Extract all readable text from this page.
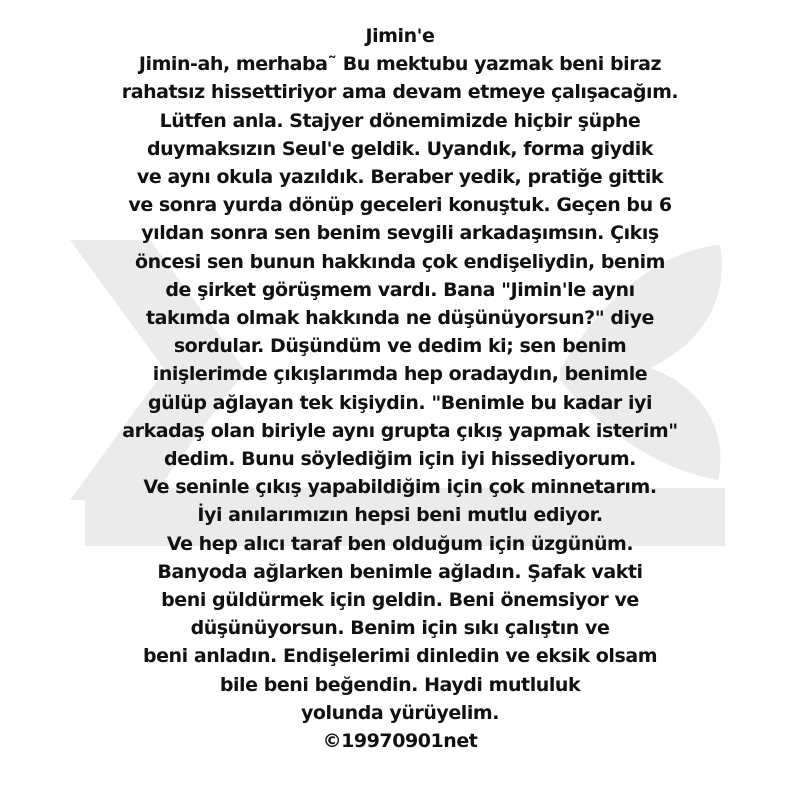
Jimin'e
Jimin-ah, merhaba˜ Bu mektubu yazmak beni biraz
rahatsız hissettiriyor ama devam etmeye çalışacağım.
Lütfen anla. Stajyer dönemimizde hiçbir şüphe
duymaksızın Seul'e geldik. Uyandık, forma giydik
ve aynı okula yazıldık. Beraber yedik, pratiğe gittik
ve sonra yurda dönüp geceleri konuştuk. Geçen bu 6
yıldan sonra sen benim sevgili arkadaşımsın. Çıkış
öncesi sen bunun hakkında çok endişeliydin, benim
de şirket görüşmem vardı. Bana "Jimin'le aynı
takımda olmak hakkında ne düşünüyorsun?" diye
sordular. Düşündüm ve dedim ki; sen benim
inişlerimde çıkışlarımda hep oradaydın, benimle
gülüp ağlayan tek kişiydin. "Benimle bu kadar iyi
arkadaş olan biriyle aynı grupta çıkış yapmak isterim"
dedim. Bunu söylediğim için iyi hissediyorum.
Ve seninle çıkış yapabildiğim için çok minnetarım.
İyi anılarımızın hepsi beni mutlu ediyor.
Ve hep alıcı taraf ben olduğum için üzgünüm.
Banyoda ağlarken benimle ağladın. Şafak vakti
beni güldürmek için geldin. Beni önemsiyor ve
düşünüyorsun. Benim için sıkı çalıştın ve
beni anladın. Endişelerimi dinledin ve eksik olsam
bile beni beğendin. Haydi mutluluk
yolunda yürüyelim.
©19970901net
